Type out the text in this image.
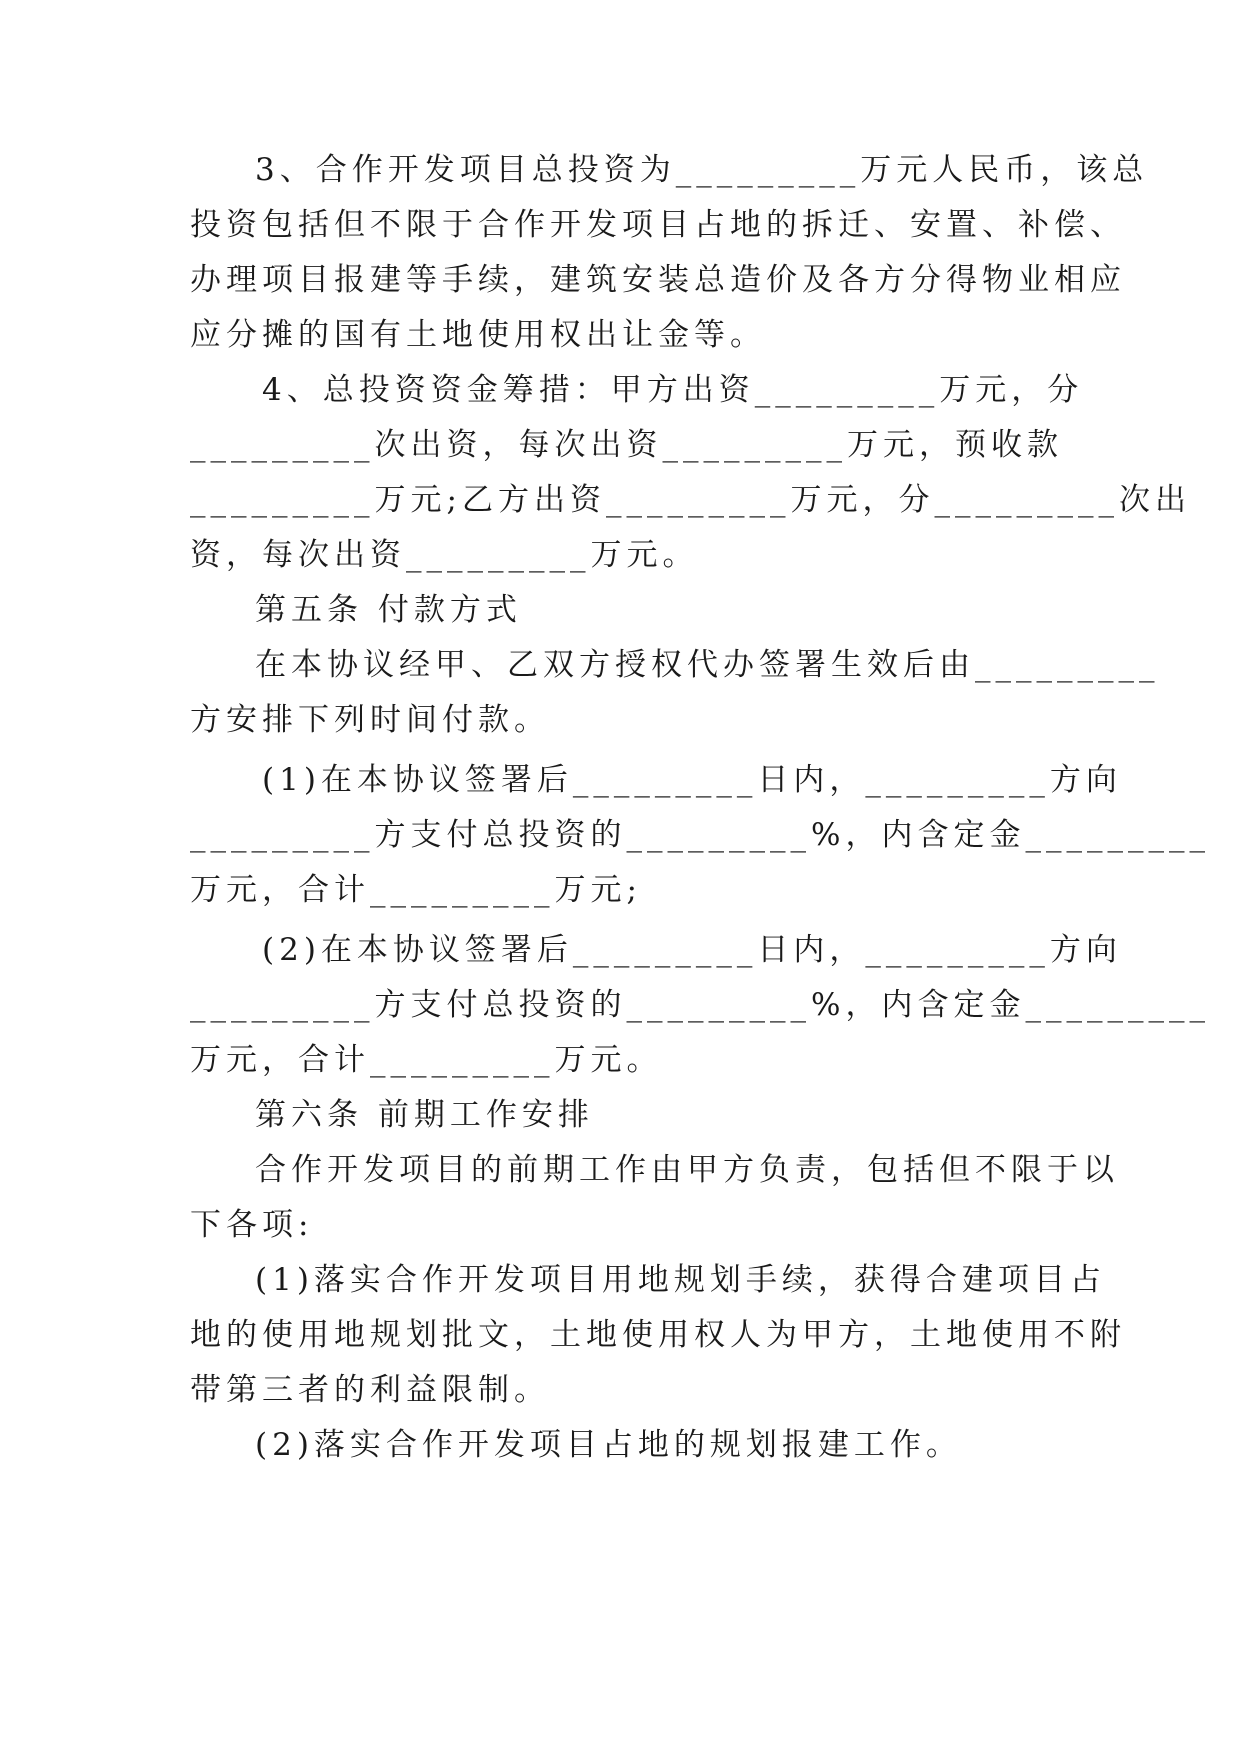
3、合作开发项目总投资为_________万元人民币，该总
投资包括但不限于合作开发项目占地的拆迁、安置、补偿、
办理项目报建等手续，建筑安装总造价及各方分得物业相应
应分摊的国有土地使用权出让金等。
4、总投资资金筹措：甲方出资_________万元，分
_________次出资，每次出资_________万元，预收款
_________万元;乙方出资_________万元，分_________次出
资，每次出资_________万元。
第五条 付款方式
在本协议经甲、乙双方授权代办签署生效后由_________
方安排下列时间付款。
(1)在本协议签署后_________日内，_________方向
_________方支付总投资的_________%，内含定金_________
万元，合计_________万元;
(2)在本协议签署后_________日内，_________方向
_________方支付总投资的_________%，内含定金_________
万元，合计_________万元。
第六条 前期工作安排
合作开发项目的前期工作由甲方负责，包括但不限于以
下各项:
(1)落实合作开发项目用地规划手续，获得合建项目占
地的使用地规划批文，土地使用权人为甲方，土地使用不附
带第三者的利益限制。
(2)落实合作开发项目占地的规划报建工作。
